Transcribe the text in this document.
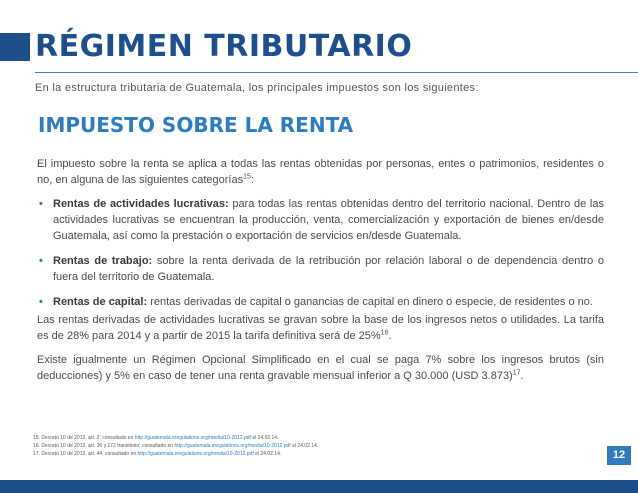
RÉGIMEN TRIBUTARIO
En la estructura tributaria de Guatemala, los principales impuestos son los siguientes:
IMPUESTO SOBRE LA RENTA
El impuesto sobre la renta se aplica a todas las rentas obtenidas por personas, entes o patrimonios, residentes o no, en alguna de las siguientes categorías$^{15}$:
• Rentas de actividades lucrativas: para todas las rentas obtenidas dentro del territorio nacional. Dentro de las actividades lucrativas se encuentran la producción, venta, comercialización y exportación de bienes en/desde Guatemala, así como la prestación o exportación de servicios en/desde Guatemala.
• Rentas de trabajo: sobre la renta derivada de la retribución por relación laboral o de dependencia dentro o fuera del territorio de Guatemala.
• Rentas de capital: rentas derivadas de capital o ganancias de capital en dinero o especie, de residentes o no.
Las rentas derivadas de actividades lucrativas se gravan sobre la base de los ingresos netos o utilidades. La tarifa es de 28% para 2014 y a partir de 2015 la tarifa definitiva será de 25%$^{16}$.
Existe igualmente un Régimen Opcional Simplificado en el cual se paga 7% sobre los ingresos brutos (sin deducciones) y 5% en caso de tener una renta gravable mensual inferior a Q 30.000 (USD 3.873)$^{17}$.
15. Decreto 10 de 2012, art. 2; consultado en http://guatemala.eregulations.org/media/10-2012.pdf el 24.02.14.
16. Decreto 10 de 2012, art. 36 y 172 transitorio; consultado en http://guatemala.eregulations.org/media/10-2012.pdf el 24.02.14.
17. Decreto 10 de 2012, art. 44; consultado en http://guatemala.eregulations.org/media/10-2012.pdf el 24.02.14.	12
